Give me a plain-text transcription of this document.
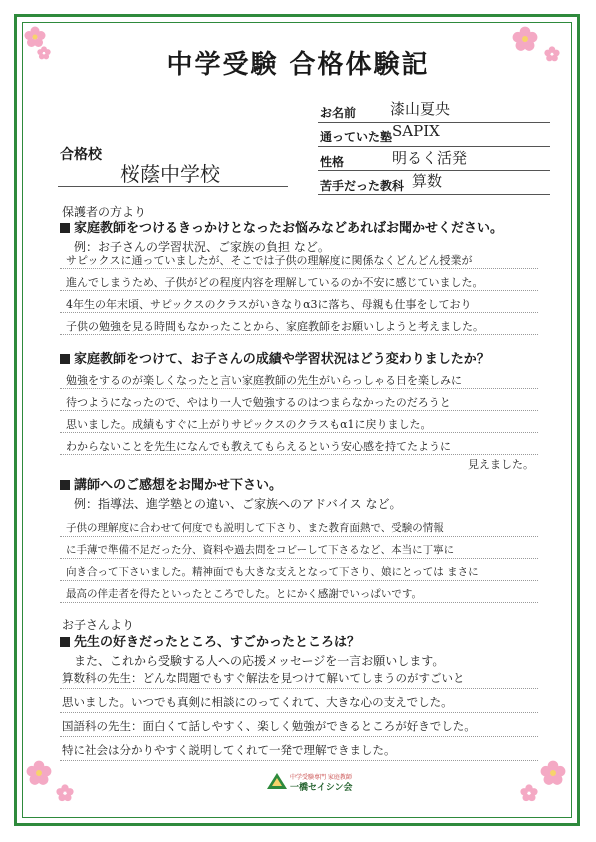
中学受験 合格体験記
お名前 漆山夏央
通っていた塾 SAPIX
性格	明るく活発
苦手だった教科 算数
合格校
桜蔭中学校
保護者の方より
家庭教師をつけるきっかけとなったお悩みなどあればお聞かせください。
例：お子さんの学習状況、ご家族の負担 など。
サピックスに通っていましたが、そこでは子供の理解度に関係なくどんどん授業が
進んでしまうため、子供がどの程度内容を理解しているのか不安に感じていました。
4年生の年末頃、サピックスのクラスがいきなりα3に落ち、母親も仕事をしており
子供の勉強を見る時間もなかったことから、家庭教師をお願いしようと考えました。
家庭教師をつけて、お子さんの成績や学習状況はどう変わりましたか？
勉強をするのが楽しくなったと言い家庭教師の先生がいらっしゃる日を楽しみに
待つようになったので、やはり一人で勉強するのはつまらなかったのだろうと
思いました。成績もすぐに上がりサピックスのクラスもα1に戻りました。
わからないことを先生になんでも教えてもらえるという安心感を持てたように
見えました。
講師へのご感想をお聞かせ下さい。
例：指導法、進学塾との違い、ご家族へのアドバイス など。
子供の理解度に合わせて何度でも説明して下さり、また教育面熱で、受験の情報
に手薄で準備不足だった分、資料や過去問をコピーして下さるなど、本当に丁寧に
向き合って下さいました。精神面でも大きな支えとなって下さり、娘にとっては まさに
最高の伴走者を得たといったところでした。とにかく感謝でいっぱいです。
お子さんより
先生の好きだったところ、すごかったところは？
また、これから受験する人への応援メッセージを一言お願いします。
算数科の先生：どんな問題でもすぐ解法を見つけて解いてしまうのがすごいと
思いました。いつでも真剣に相談にのってくれて、大きな心の支えでした。
国語科の先生：面白くて話しやすく、楽しく勉強ができるところが好きでした。
特に社会は分かりやすく説明してくれて一発で理解できました。
中学受験専門 家庭教師
一橋セイシン会
